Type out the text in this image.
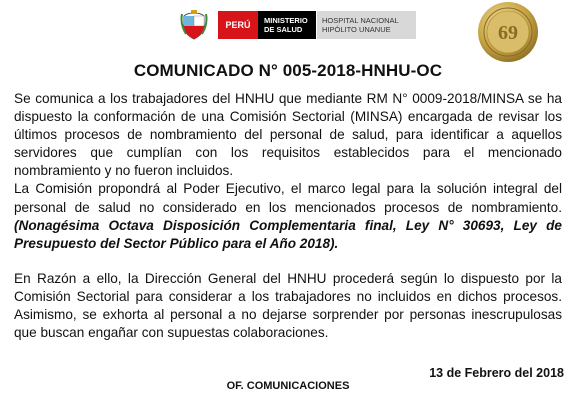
PERÚ	MINISTERIO
DE SALUD
HOSPITAL NACIONAL
HIPÓLITO UNANUE	69
COMUNICADO N° 005-2018-HNHU-OC

Se comunica a los trabajadores del HNHU que mediante RM N° 0009-2018/MINSA se ha dispuesto la conformación de una Comisión Sectorial (MINSA) encargada de revisar los últimos procesos de nombramiento del personal de salud, para identificar a aquellos servidores que cumplían con los requisitos establecidos para el mencionado nombramiento y no fueron incluidos.

La Comisión propondrá al Poder Ejecutivo, el marco legal para la solución integral del personal de salud no considerado en los mencionados procesos de nombramiento. (Nonagésima Octava Disposición Complementaria final, Ley N° 30693, Ley de Presupuesto del Sector Público para el Año 2018).

En Razón a ello, la Dirección General del HNHU procederá según lo dispuesto por la Comisión Sectorial para considerar a los trabajadores no incluidos en dichos procesos. Asimismo, se exhorta al personal a no dejarse sorprender por personas inescrupulosas que buscan engañar con supuestas colaboraciones.

13 de Febrero del 2018
OF. COMUNICACIONES
